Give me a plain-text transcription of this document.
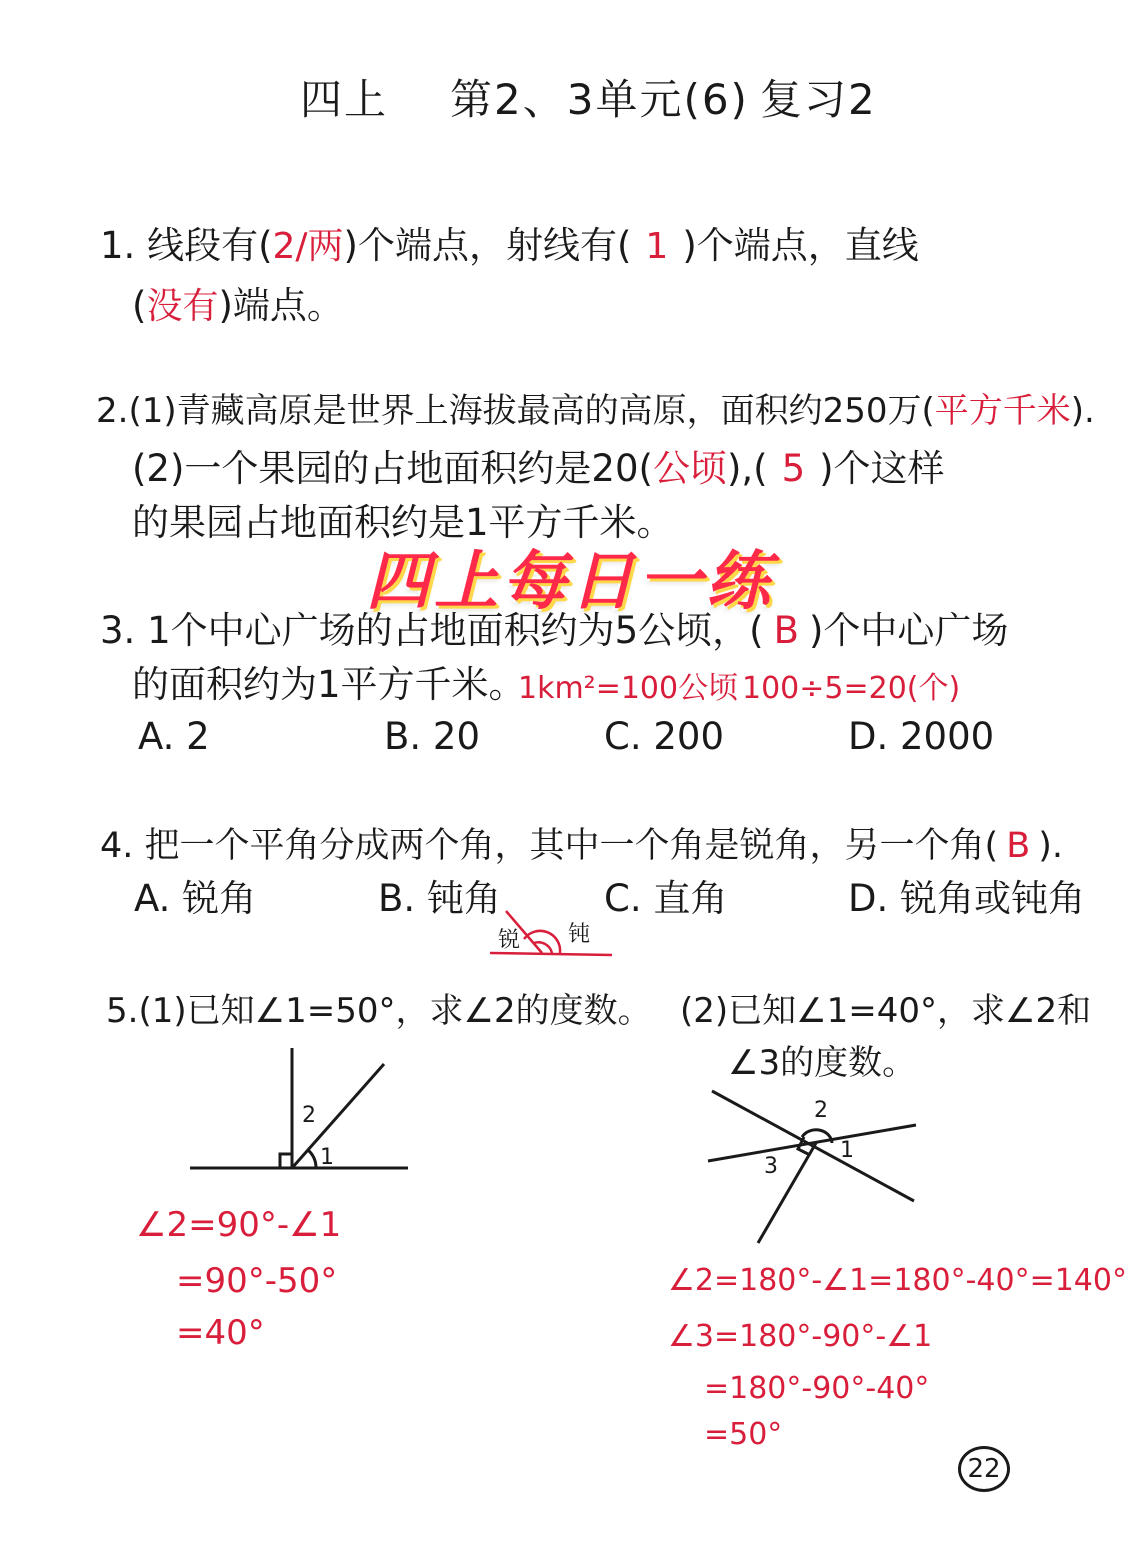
四上 第2、3单元(6) 复习2
1. 线段有(2/两)个端点，射线有( 1 )个端点，直线
(没有)端点。
2.(1)青藏高原是世界上海拔最高的高原，面积约250万(平方千米).
(2)一个果园的占地面积约是20(公顷),( 5 )个这样
的果园占地面积约是1平方千米。
四上每日一练
3. 1个中心广场的占地面积约为5公顷，( B )个中心广场
的面积约为1平方千米。
1km²=100公顷 100÷5=20(个)
A. 2	B. 20	C. 200	D. 2000
4. 把一个平角分成两个角，其中一个角是锐角，另一个角( B ).
A. 锐角	B. 钝角	C. 直角	D. 锐角或钝角
锐 钝
5.(1)已知∠1=50°，求∠2的度数。
2
1
∠2=90°-∠1
=90°-50°
=40°
(2)已知∠1=40°，求∠2和
∠3的度数。
2
1
3
∠2=180°-∠1=180°-40°=140°
∠3=180°-90°-∠1
=180°-90°-40°
=50°
22
